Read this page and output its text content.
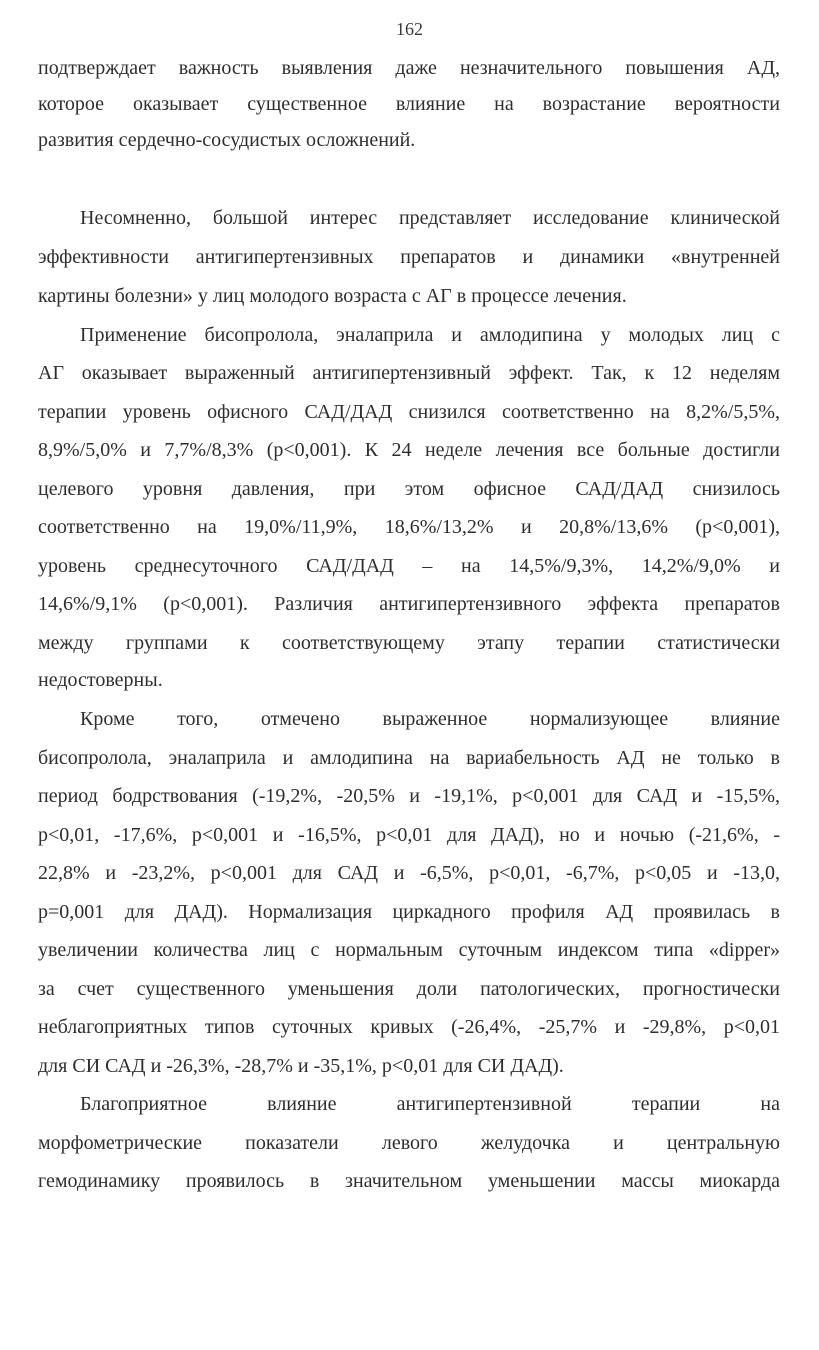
162
подтверждает важность выявления даже незначительного повышения АД,
которое оказывает существенное влияние на возрастание вероятности
развития сердечно-сосудистых осложнений.
Несомненно, большой интерес представляет исследование клинической
эффективности антигипертензивных препаратов и динамики «внутренней
картины болезни» у лиц молодого возраста с АГ в процессе лечения.
Применение бисопролола, эналаприла и амлодипина у молодых лиц с
АГ оказывает выраженный антигипертензивный эффект. Так, к 12 неделям
терапии уровень офисного САД/ДАД снизился соответственно на 8,2%/5,5%,
8,9%/5,0% и 7,7%/8,3% (р<0,001). К 24 неделе лечения все больные достигли
целевого уровня давления, при этом офисное САД/ДАД снизилось
соответственно на 19,0%/11,9%, 18,6%/13,2% и 20,8%/13,6% (р<0,001),
уровень среднесуточного САД/ДАД – на 14,5%/9,3%, 14,2%/9,0% и
14,6%/9,1% (р<0,001). Различия антигипертензивного эффекта препаратов
между группами к соответствующему этапу терапии статистически
недостоверны.
Кроме того, отмечено выраженное нормализующее влияние
бисопролола, эналаприла и амлодипина на вариабельность АД не только в
период бодрствования (-19,2%, -20,5% и -19,1%, р<0,001 для САД и -15,5%,
р<0,01, -17,6%, р<0,001 и -16,5%, р<0,01 для ДАД), но и ночью (-21,6%, -
22,8% и -23,2%, р<0,001 для САД и -6,5%, р<0,01, -6,7%, р<0,05 и -13,0,
р=0,001 для ДАД). Нормализация циркадного профиля АД проявилась в
увеличении количества лиц с нормальным суточным индексом типа «dipper»
за счет существенного уменьшения доли патологических, прогностически
неблагоприятных типов суточных кривых (-26,4%, -25,7% и -29,8%, р<0,01
для СИ САД и -26,3%, -28,7% и -35,1%, р<0,01 для СИ ДАД).
Благоприятное влияние антигипертензивной терапии на
морфометрические показатели левого желудочка и центральную
гемодинамику проявилось в значительном уменьшении массы миокарда
